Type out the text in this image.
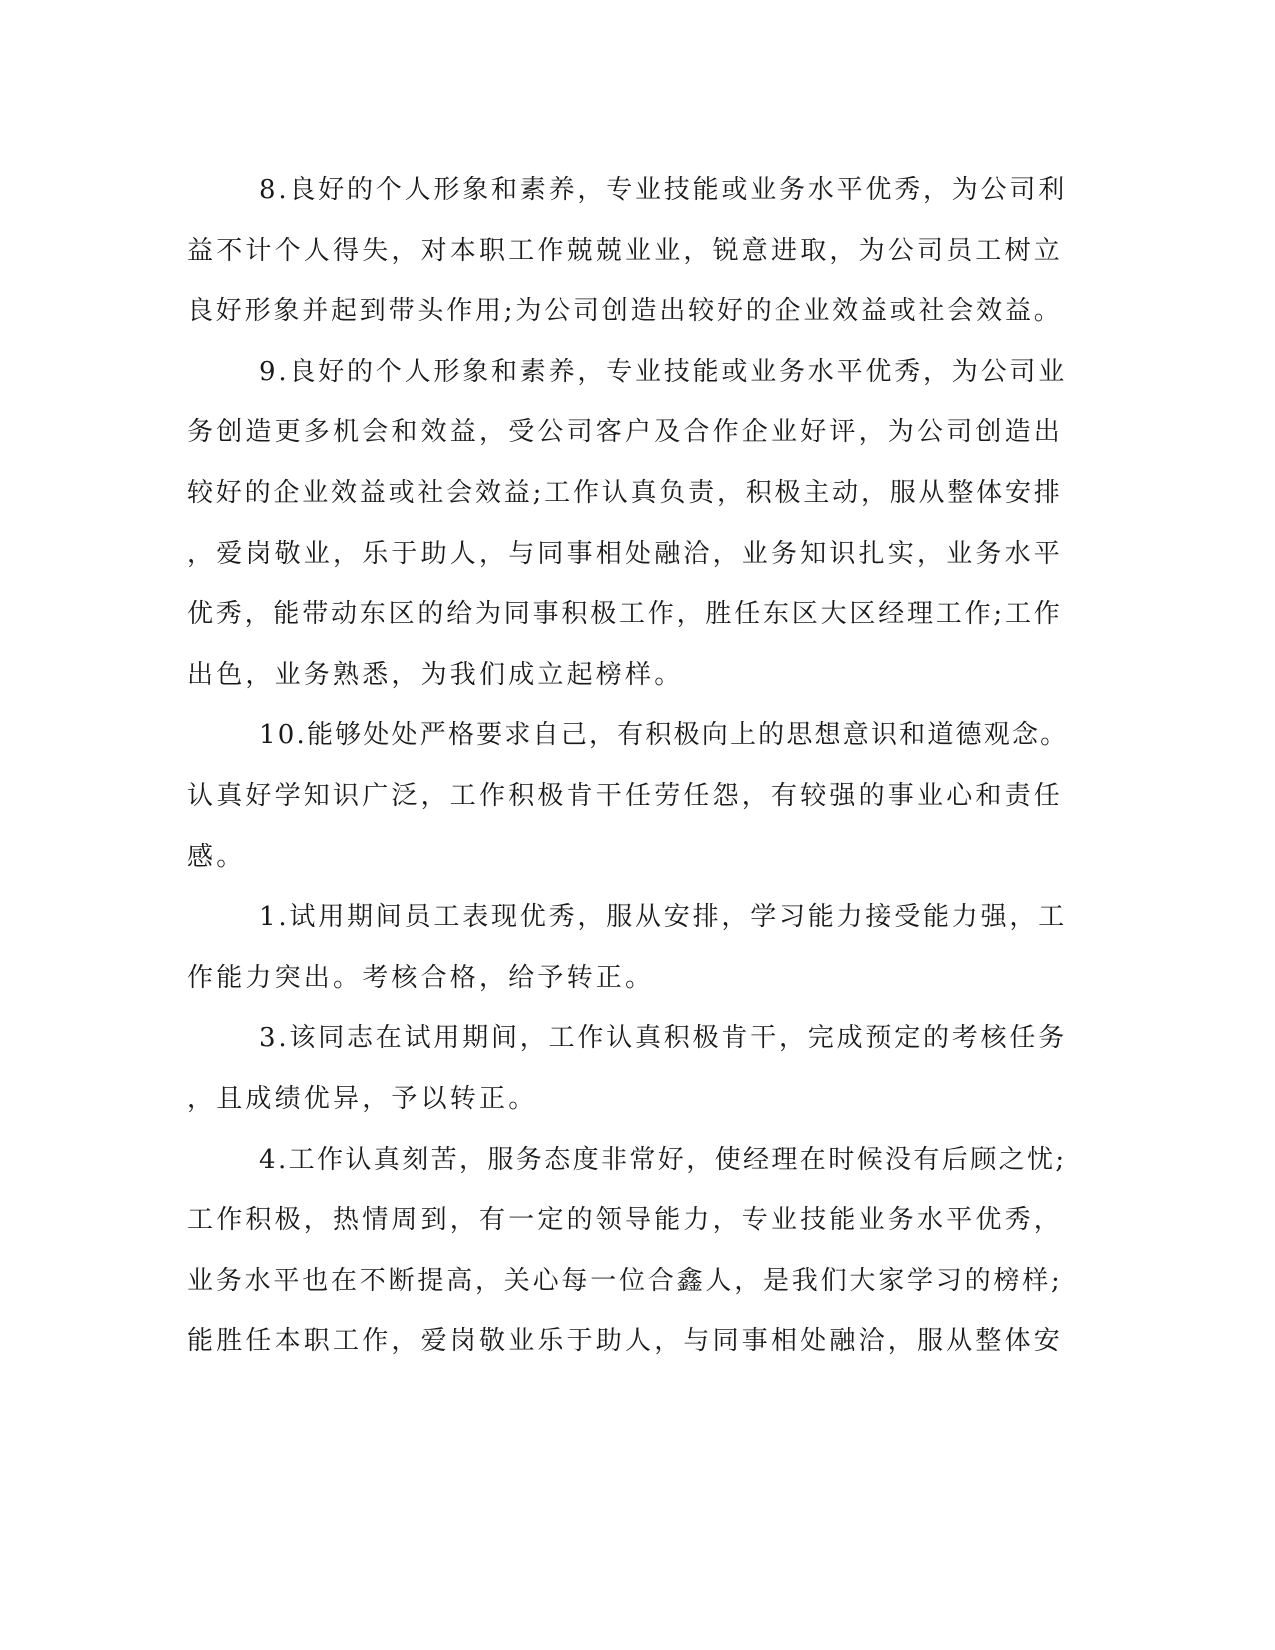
8.良好的个人形象和素养，专业技能或业务水平优秀，为公司利
益不计个人得失，对本职工作兢兢业业，锐意进取，为公司员工树立
良好形象并起到带头作用;为公司创造出较好的企业效益或社会效益。
9.良好的个人形象和素养，专业技能或业务水平优秀，为公司业
务创造更多机会和效益，受公司客户及合作企业好评，为公司创造出
较好的企业效益或社会效益;工作认真负责，积极主动，服从整体安排
，爱岗敬业，乐于助人，与同事相处融洽，业务知识扎实，业务水平
优秀，能带动东区的给为同事积极工作，胜任东区大区经理工作;工作
出色，业务熟悉，为我们成立起榜样。
10.能够处处严格要求自己，有积极向上的思想意识和道德观念。
认真好学知识广泛，工作积极肯干任劳任怨，有较强的事业心和责任
感。
1.试用期间员工表现优秀，服从安排，学习能力接受能力强，工
作能力突出。考核合格，给予转正。
3.该同志在试用期间，工作认真积极肯干，完成预定的考核任务
，且成绩优异，予以转正。
4.工作认真刻苦，服务态度非常好，使经理在时候没有后顾之忧;
工作积极，热情周到，有一定的领导能力，专业技能业务水平优秀，
业务水平也在不断提高，关心每一位合鑫人，是我们大家学习的榜样;
能胜任本职工作，爱岗敬业乐于助人，与同事相处融洽，服从整体安
